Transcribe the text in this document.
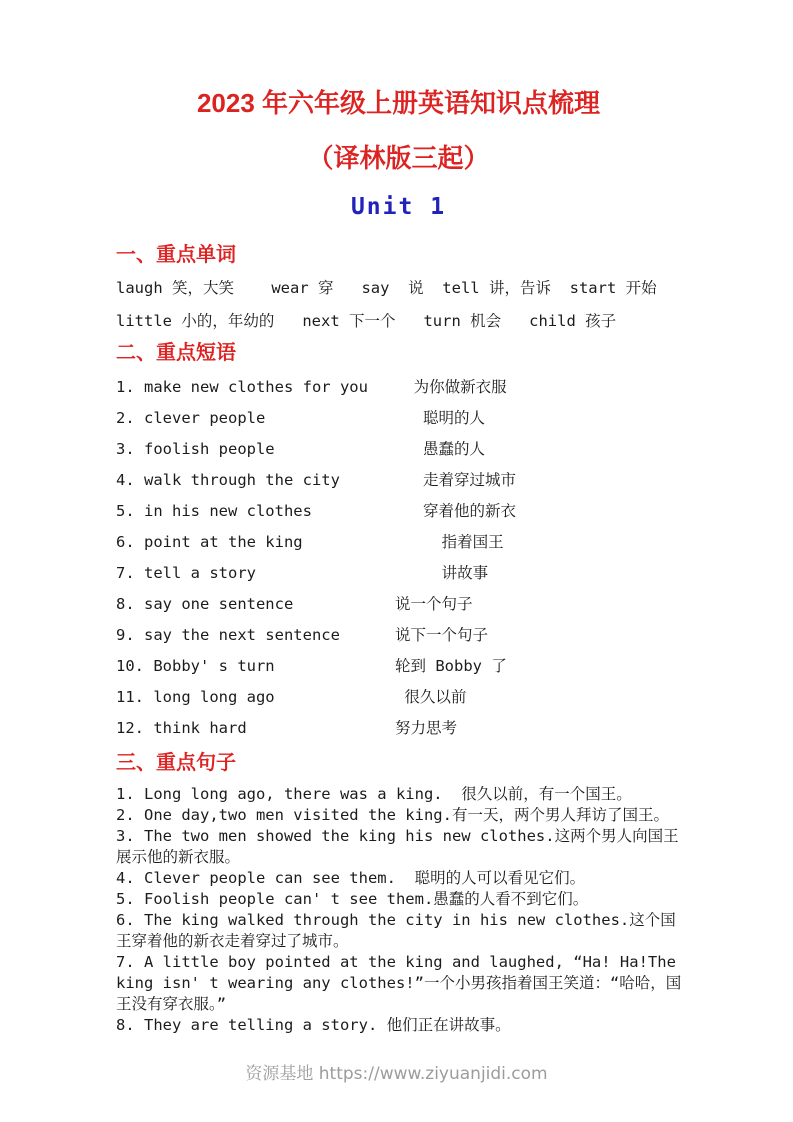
2023 年六年级上册英语知识点梳理
（译林版三起）
Unit 1
一、重点单词

laugh 笑，大笑    wear 穿   say  说  tell 讲，告诉  start 开始

little 小的，年幼的   next 下一个   turn 机会   child 孩子

二、重点短语
1. make new clothes for you	为你做新衣服
2. clever people	聪明的人
3. foolish people	愚蠢的人
4. walk through the city	走着穿过城市
5. in his new clothes	穿着他的新衣
6. point at the king	指着国王
7. tell a story	讲故事
8. say one sentence	说一个句子
9. say the next sentence	说下一个句子
10. Bobby' s turn	轮到 Bobby 了
11. long long ago	很久以前
12. think hard	努力思考
三、重点句子

1. Long long ago, there was a king.  很久以前，有一个国王。

2. One day,two men visited the king.有一天，两个男人拜访了国王。

3. The two men showed the king his new clothes.这两个男人向国王展示他的新衣服。

4. Clever people can see them.  聪明的人可以看见它们。

5. Foolish people can' t see them.愚蠢的人看不到它们。

6. The king walked through the city in his new clothes.这个国王穿着他的新衣走着穿过了城市。

7. A little boy pointed at the king and laughed, “Ha! Ha!The king isn' t wearing any clothes!”一个小男孩指着国王笑道：“哈哈，国王没有穿衣服。”

8. They are telling a story. 他们正在讲故事。

资源基地 https://www.ziyuanjidi.com
